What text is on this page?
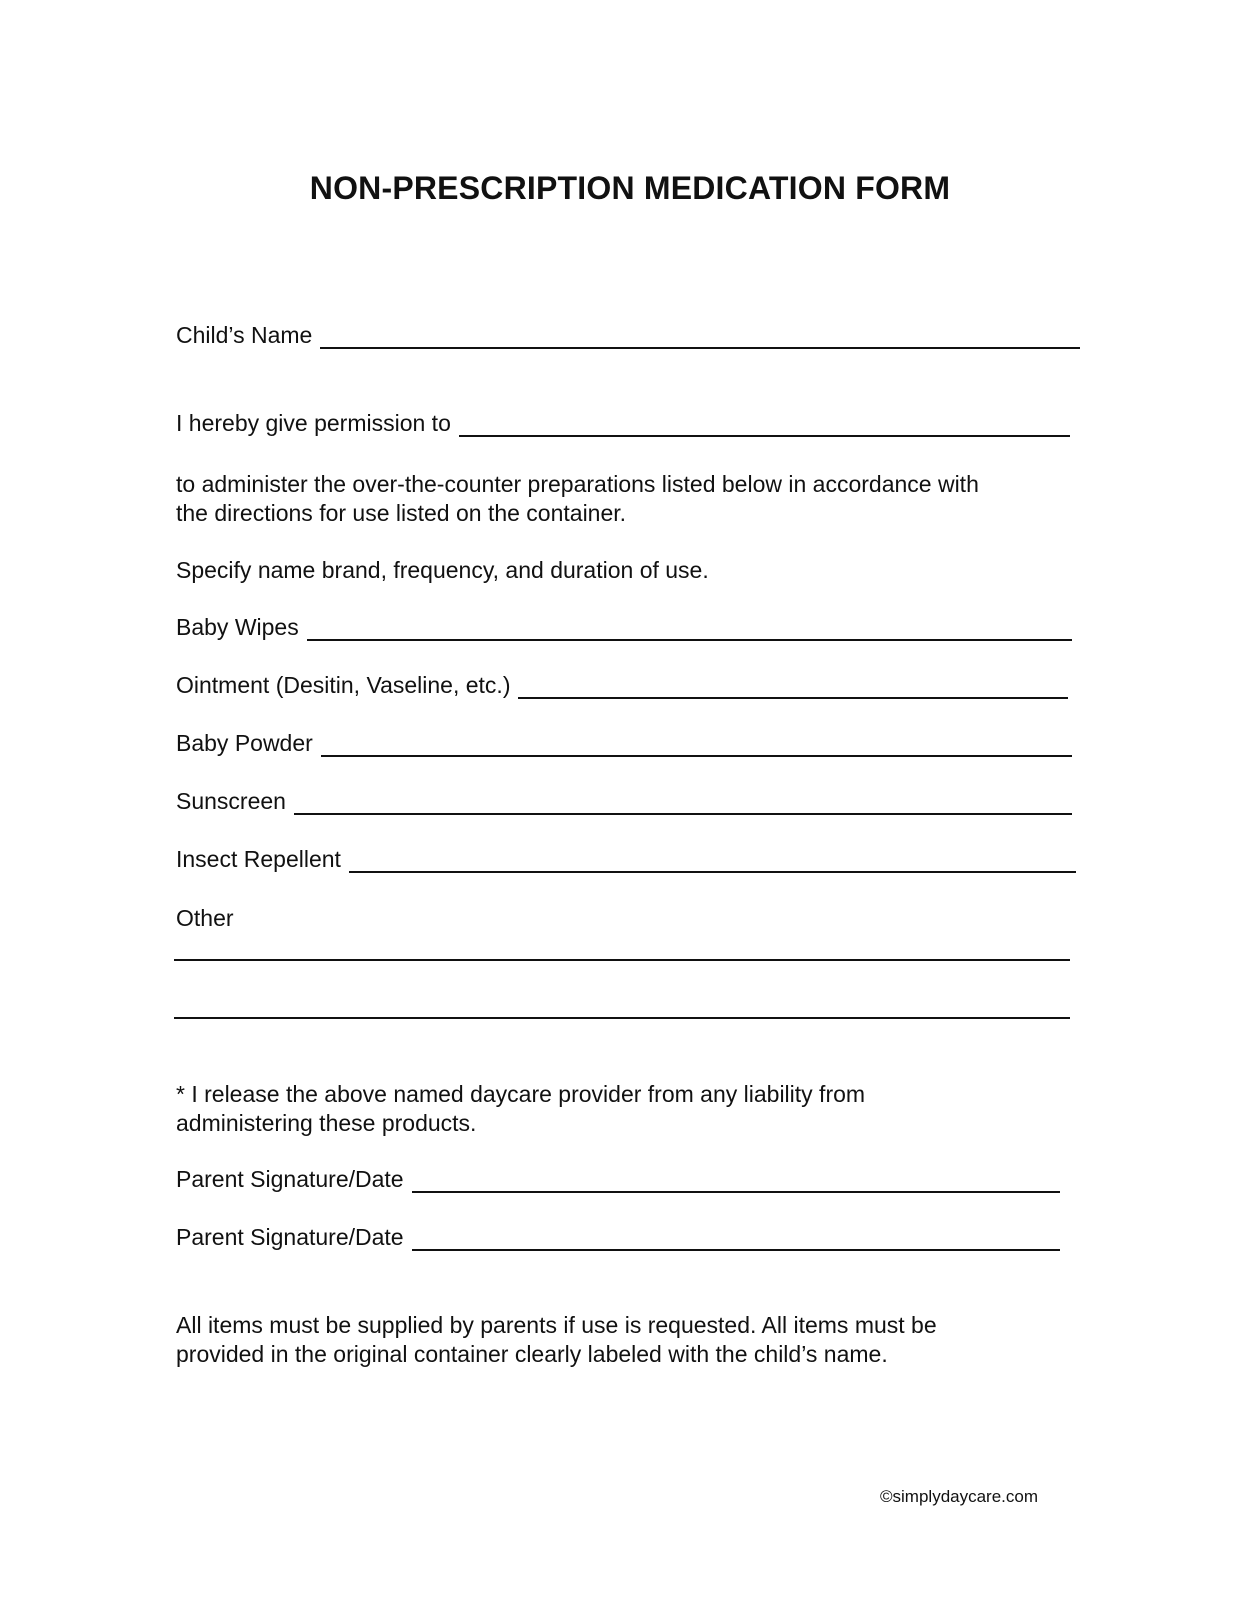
NON-PRESCRIPTION MEDICATION FORM
Child’s Name
I hereby give permission to
to administer the over-the-counter preparations listed below in accordance with
the directions for use listed on the container.
Specify name brand, frequency, and duration of use.
Baby Wipes
Ointment (Desitin, Vaseline, etc.)
Baby Powder
Sunscreen
Insect Repellent
Other
* I release the above named daycare provider from any liability from
administering these products.
Parent Signature/Date
Parent Signature/Date
All items must be supplied by parents if use is requested. All items must be
provided in the original container clearly labeled with the child’s name.
©simplydaycare.com
